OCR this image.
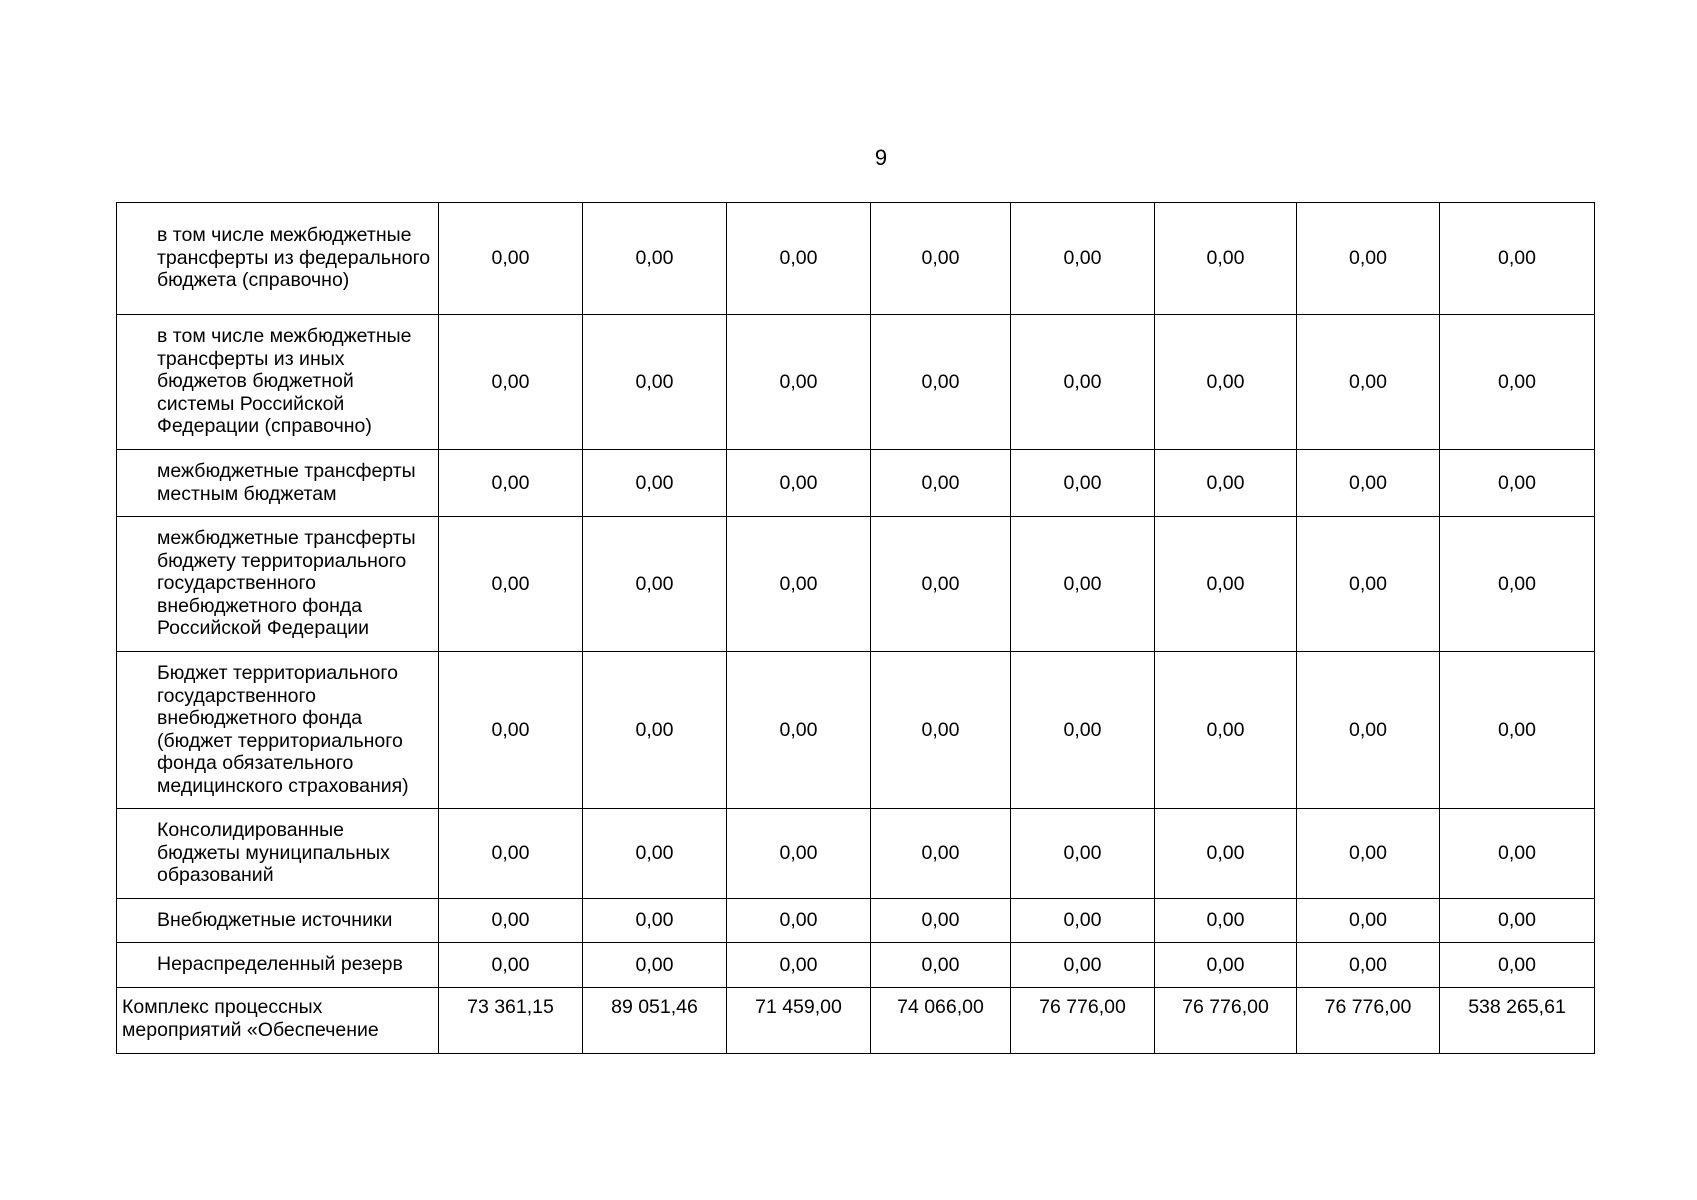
9
в том числе межбюджетные трансферты из федерального бюджета (справочно)	0,00	0,00	0,00	0,00	0,00	0,00	0,00	0,00
в том числе межбюджетные трансферты из иных бюджетов бюджетной системы Российской Федерации (справочно)	0,00	0,00	0,00	0,00	0,00	0,00	0,00	0,00
межбюджетные трансферты местным бюджетам	0,00	0,00	0,00	0,00	0,00	0,00	0,00	0,00
межбюджетные трансферты бюджету территориального государственного внебюджетного фонда Российской Федерации	0,00	0,00	0,00	0,00	0,00	0,00	0,00	0,00
Бюджет территориального государственного внебюджетного фонда (бюджет территориального фонда обязательного медицинского страхования)	0,00	0,00	0,00	0,00	0,00	0,00	0,00	0,00
Консолидированные бюджеты муниципальных образований	0,00	0,00	0,00	0,00	0,00	0,00	0,00	0,00
Внебюджетные источники	0,00	0,00	0,00	0,00	0,00	0,00	0,00	0,00
Нераспределенный резерв	0,00	0,00	0,00	0,00	0,00	0,00	0,00	0,00
Комплекс процессных мероприятий «Обеспечение	73 361,15	89 051,46	71 459,00	74 066,00	76 776,00	76 776,00	76 776,00	538 265,61
